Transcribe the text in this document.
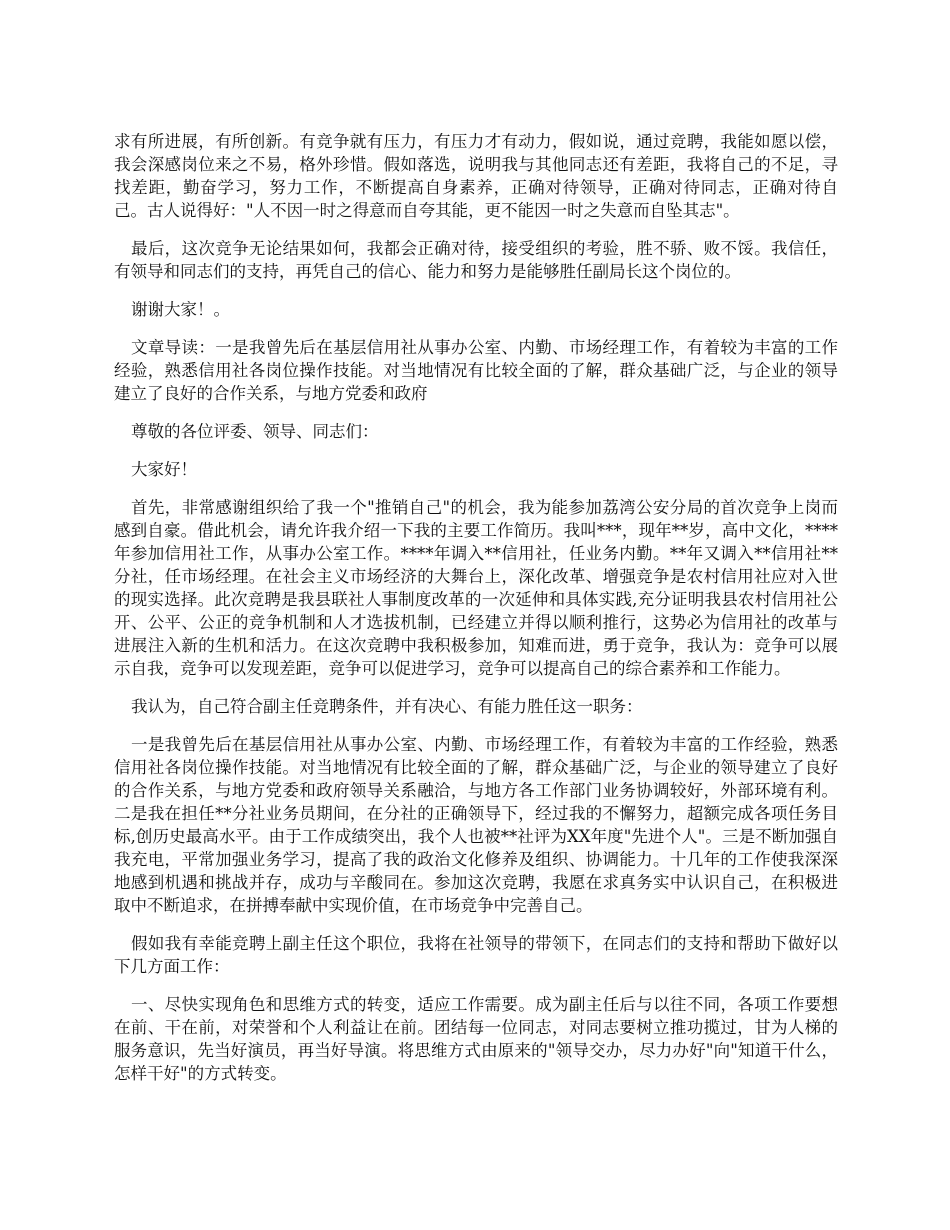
求有所进展，有所创新。有竞争就有压力，有压力才有动力，假如说，通过竞聘，我能如愿以偿，我会深感岗位来之不易，格外珍惜。假如落选，说明我与其他同志还有差距，我将自己的不足，寻找差距，勤奋学习，努力工作，不断提高自身素养，正确对待领导，正确对待同志，正确对待自己。古人说得好："人不因一时之得意而自夸其能，更不能因一时之失意而自坠其志"。

最后，这次竞争无论结果如何，我都会正确对待，接受组织的考验，胜不骄、败不馁。我信任，有领导和同志们的支持，再凭自己的信心、能力和努力是能够胜任副局长这个岗位的。

谢谢大家！。

文章导读：一是我曾先后在基层信用社从事办公室、内勤、市场经理工作，有着较为丰富的工作经验，熟悉信用社各岗位操作技能。对当地情况有比较全面的了解，群众基础广泛，与企业的领导建立了良好的合作关系，与地方党委和政府

尊敬的各位评委、领导、同志们：

大家好！

首先，非常感谢组织给了我一个"推销自己"的机会，我为能参加荔湾公安分局的首次竞争上岗而感到自豪。借此机会，请允许我介绍一下我的主要工作简历。我叫***，现年**岁，高中文化，****年参加信用社工作，从事办公室工作。****年调入**信用社，任业务内勤。**年又调入**信用社**分社，任市场经理。在社会主义市场经济的大舞台上，深化改革、增强竞争是农村信用社应对入世的现实选择。此次竞聘是我县联社人事制度改革的一次延伸和具体实践,充分证明我县农村信用社公开、公平、公正的竞争机制和人才选拔机制，已经建立并得以顺利推行，这势必为信用社的改革与进展注入新的生机和活力。在这次竞聘中我积极参加，知难而进，勇于竞争，我认为：竞争可以展示自我，竞争可以发现差距，竞争可以促进学习，竞争可以提高自己的综合素养和工作能力。

我认为，自己符合副主任竞聘条件，并有决心、有能力胜任这一职务：

一是我曾先后在基层信用社从事办公室、内勤、市场经理工作，有着较为丰富的工作经验，熟悉信用社各岗位操作技能。对当地情况有比较全面的了解，群众基础广泛，与企业的领导建立了良好的合作关系，与地方党委和政府领导关系融洽，与地方各工作部门业务协调较好，外部环境有利。二是我在担任**分社业务员期间，在分社的正确领导下，经过我的不懈努力，超额完成各项任务目标,创历史最高水平。由于工作成绩突出，我个人也被**社评为XX年度"先进个人"。三是不断加强自我充电，平常加强业务学习，提高了我的政治文化修养及组织、协调能力。十几年的工作使我深深地感到机遇和挑战并存，成功与辛酸同在。参加这次竞聘，我愿在求真务实中认识自己，在积极进取中不断追求，在拼搏奉献中实现价值，在市场竞争中完善自己。

假如我有幸能竞聘上副主任这个职位，我将在社领导的带领下，在同志们的支持和帮助下做好以下几方面工作：

一、尽快实现角色和思维方式的转变，适应工作需要。成为副主任后与以往不同，各项工作要想在前、干在前，对荣誉和个人利益让在前。团结每一位同志，对同志要树立推功揽过，甘为人梯的服务意识，先当好演员，再当好导演。将思维方式由原来的"领导交办，尽力办好"向"知道干什么，怎样干好"的方式转变。
